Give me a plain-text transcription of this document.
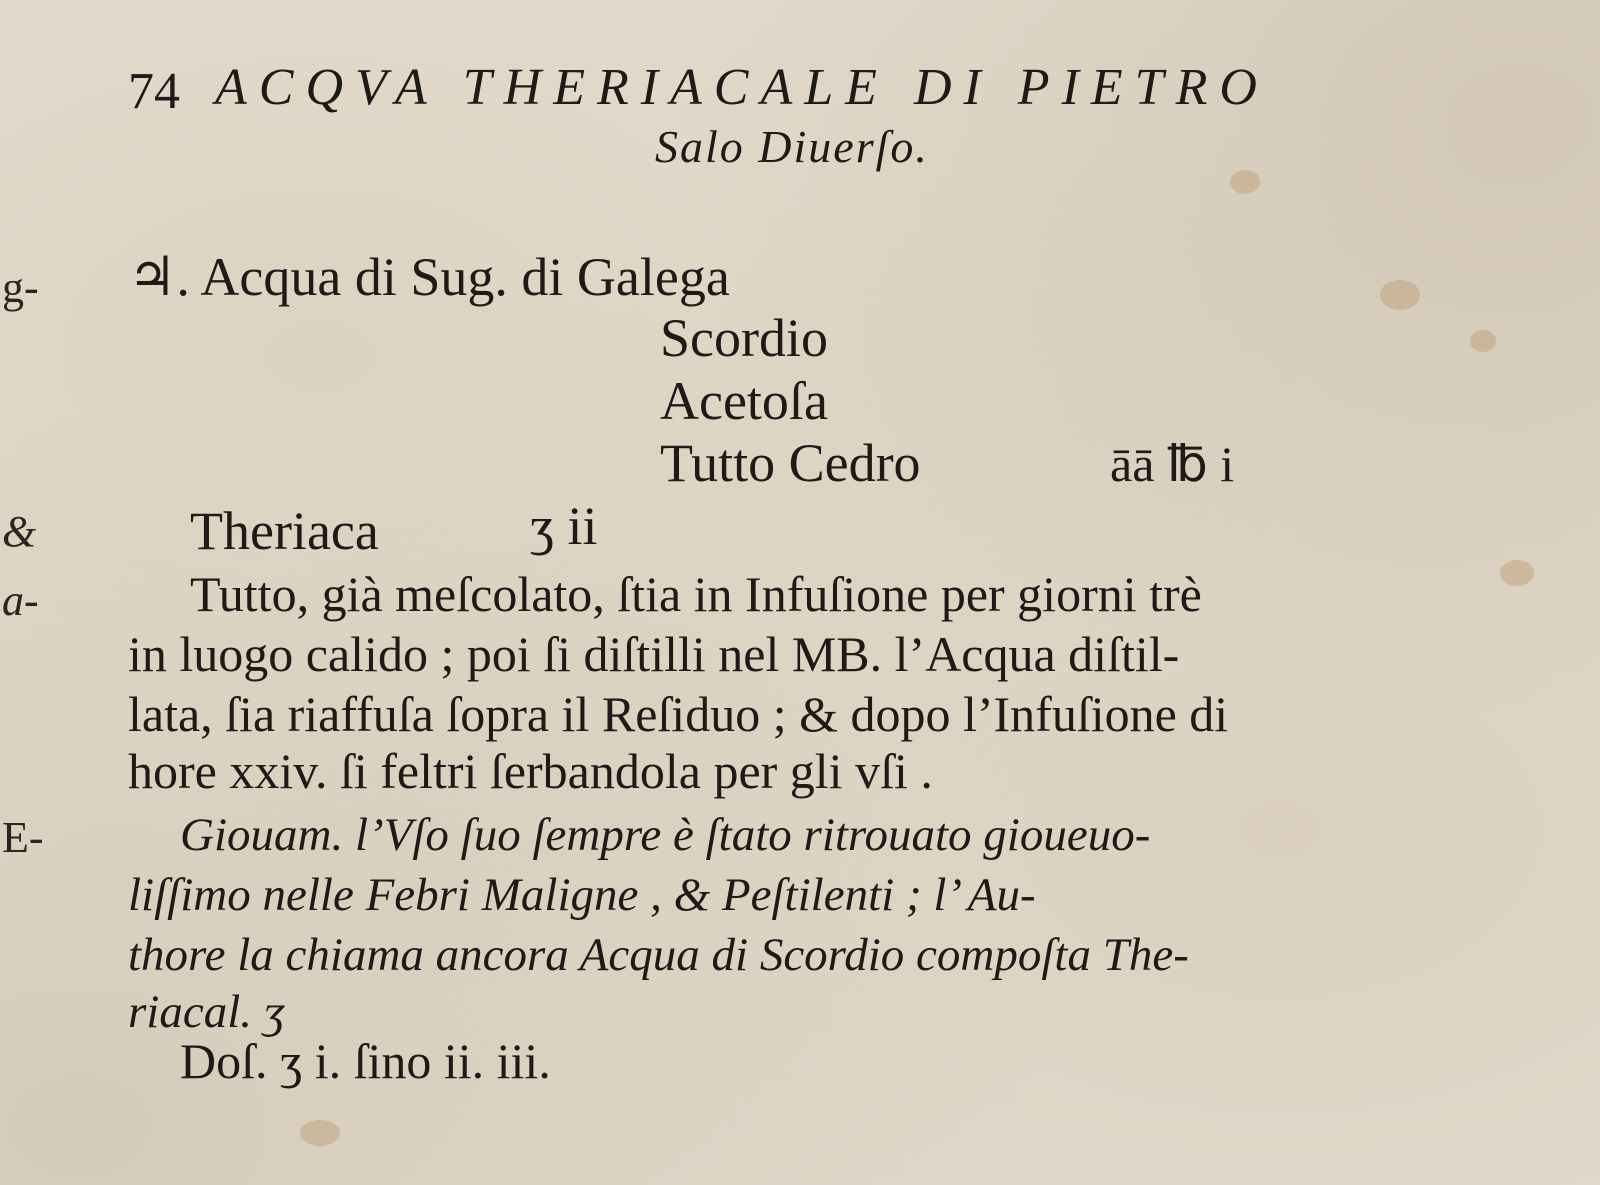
74 ACQVA THERIACALE DI PIETRO
Salo Diuerſo.
g-
&
a-
E-
♃. Acqua di Sug. di Galega
Scordio
Acetoſa
Tutto Cedro	āā ℔ i
Theriaca	ʒ ii
Tutto, già meſcolato, ſtia in Infuſione per giorni trè
in luogo calido ; poi ſi diſtilli nel MB. l’Acqua diſtil-
lata, ſia riaffuſa ſopra il Reſiduo ; & dopo l’Infuſione di
hore xxiv. ſi feltri ſerbandola per gli vſi .
Giouam. l’Vſo ſuo ſempre è ſtato ritrouato gioueuo-
liſſimo nelle Febri Maligne , & Peſtilenti ; l’ Au-
thore la chiama ancora Acqua di Scordio compoſta The-
riacal. ʒ
Doſ. ʒ i. ſino ii. iii.
